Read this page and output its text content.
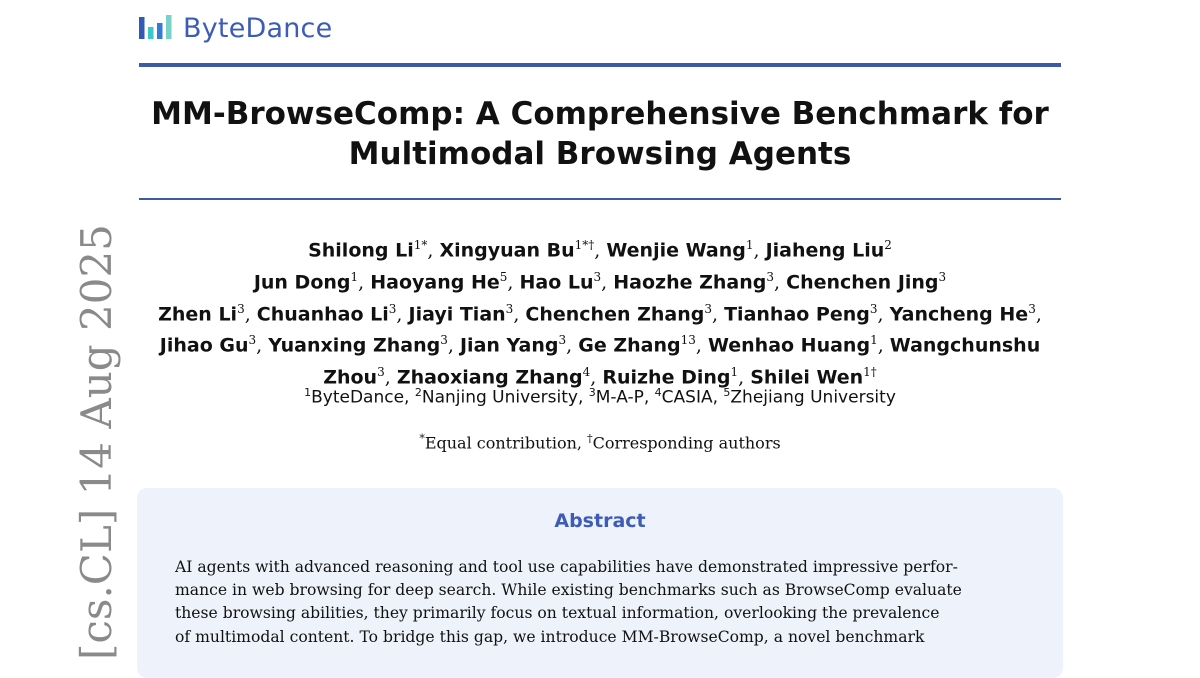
ByteDance
MM-BrowseComp: A Comprehensive Benchmark for
Multimodal Browsing Agents
Shilong $Li^{1*}$, Xingyuan $Bu^{1*\dagger}$, Wenjie Wang$^1$, Jiaheng Liu$^2$
Jun Dong$^1$, Haoyang He$^5$, Hao Lu$^3$, Haozhe Zhang$^3$, Chenchen Jing$^3$
Zhen Li$^3$, Chuanhao Li$^3$, Jiayi Tian$^3$, Chenchen Zhang$^3$, Tianhao Peng$^3$, Yancheng He$^3$,
Jihao Gu$^3$, Yuanxing Zhang$^3$, Jian Yang$^3$, Ge Zhang$^{13}$, Wenhao Huang$^1$, Wangchunshu
Zhou$^3$, Zhaoxiang Zhang$^4$, Ruizhe Ding$^1$, Shilei Wen$^{1\dagger}$
$^1$ByteDance, $^2$Nanjing University, $^3$M-A-P, $^4$CASIA, $^5$Zhejiang University
*Equal contribution, †Corresponding authors
Abstract
AI agents with advanced reasoning and tool use capabilities have demonstrated impressive perfor-
mance in web browsing for deep search. While existing benchmarks such as BrowseComp evaluate
these browsing abilities, they primarily focus on textual information, overlooking the prevalence
of multimodal content. To bridge this gap, we introduce MM-BrowseComp, a novel benchmark
[cs.CL] 14 Aug 2025
